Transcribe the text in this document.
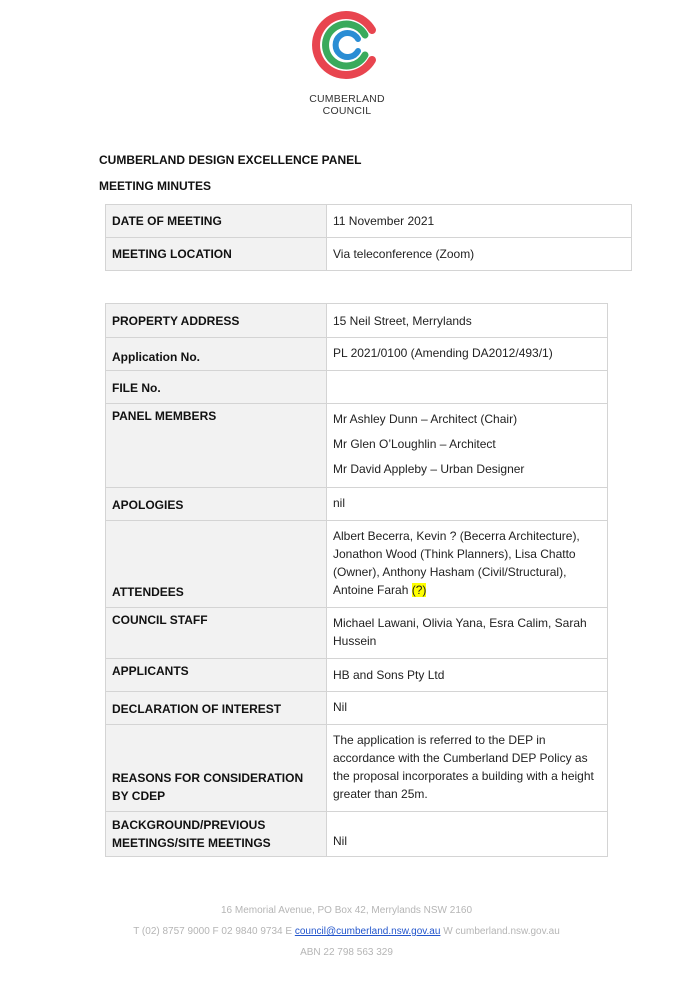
CUMBERLAND
COUNCIL
CUMBERLAND DESIGN EXCELLENCE PANEL
MEETING MINUTES
DATE OF MEETING	11 November 2021
MEETING LOCATION	Via teleconference (Zoom)
PROPERTY ADDRESS	15 Neil Street, Merrylands
Application No.	PL 2021/0100 (Amending DA2012/493/1)
FILE No.	
PANEL MEMBERS	Mr Ashley Dunn – Architect (Chair)

Mr Glen O’Loughlin – Architect

Mr David Appleby – Urban Designer

APOLOGIES	nil
ATTENDEES	Albert Becerra, Kevin ? (Becerra Architecture), Jonathon Wood (Think Planners), Lisa Chatto (Owner), Anthony Hasham (Civil/Structural), Antoine Farah (?)
COUNCIL STAFF	Michael Lawani, Olivia Yana, Esra Calim, Sarah Hussein
APPLICANTS	HB and Sons Pty Ltd
DECLARATION OF INTEREST	Nil
REASONS FOR CONSIDERATION BY CDEP	The application is referred to the DEP in accordance with the Cumberland DEP Policy as the proposal incorporates a building with a height greater than 25m.
BACKGROUND/PREVIOUS MEETINGS/SITE MEETINGS	Nil
16 Memorial Avenue, PO Box 42, Merrylands NSW 2160
T (02) 8757 9000 F 02 9840 9734 E council@cumberland.nsw.gov.au W cumberland.nsw.gov.au
ABN 22 798 563 329
